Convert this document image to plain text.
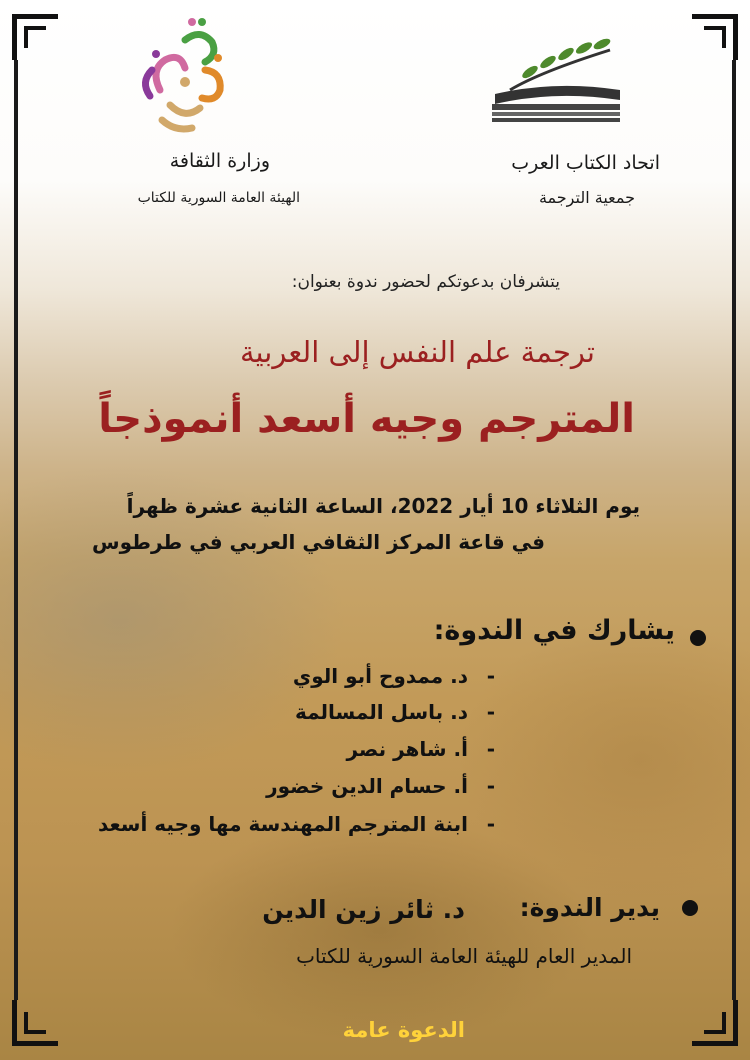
اتحاد الكتاب العرب
جمعية الترجمة
وزارة الثقافة
الهيئة العامة السورية للكتاب
يتشرفان بدعوتكم لحضور ندوة بعنوان:
ترجمة علم النفس إلى العربية
المترجم وجيه أسعد أنموذجاً
يوم الثلاثاء 10 أيار 2022، الساعة الثانية عشرة ظهراً
في قاعة المركز الثقافي العربي في طرطوس
يشارك في الندوة:
-
د. ممدوح أبو الوي
-
د. باسل المسالمة
-
أ. شاهر نصر
-
أ. حسام الدين خضور
-
ابنة المترجم المهندسة مها وجيه أسعد
يدير الندوة:
د. ثائر زين الدين
المدير العام للهيئة العامة السورية للكتاب
الدعوة عامة
